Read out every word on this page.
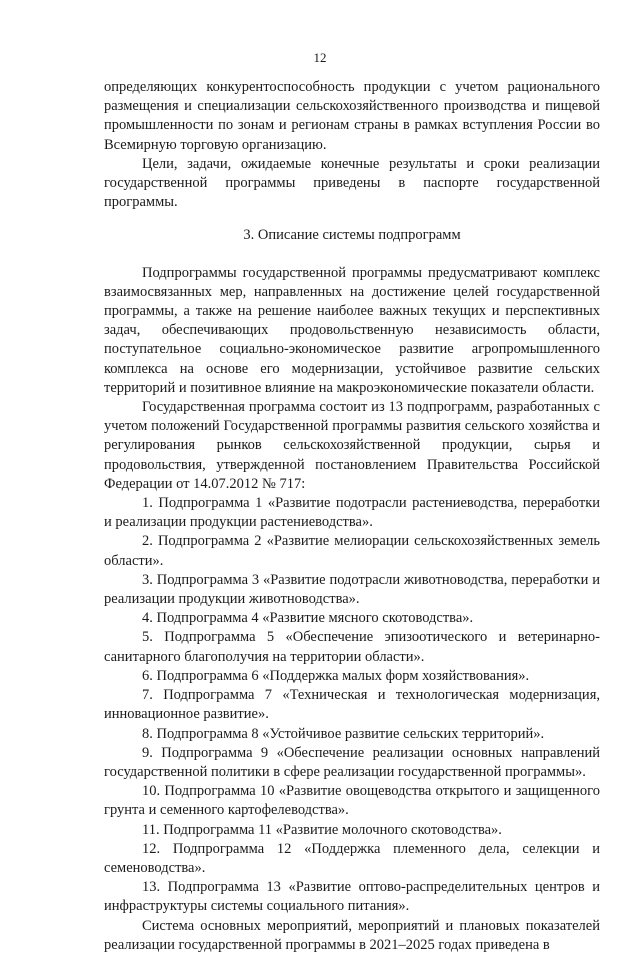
12

определяющих конкурентоспособность продукции с учетом рационального размещения и специализации сельскохозяйственного производства и пищевой промышленности по зонам и регионам страны в рамках вступления России во Всемирную торговую организацию.

Цели, задачи, ожидаемые конечные результаты и сроки реализации государственной программы приведены в паспорте государственной программы.

3. Описание системы подпрограмм

Подпрограммы государственной программы предусматривают комплекс взаимосвязанных мер, направленных на достижение целей государственной программы, а также на решение наиболее важных текущих и перспективных задач, обеспечивающих продовольственную независимость области, поступательное социально-экономическое развитие агропромышленного комплекса на основе его модернизации, устойчивое развитие сельских территорий и позитивное влияние на макроэкономические показатели области.

Государственная программа состоит из 13 подпрограмм, разработанных с учетом положений Государственной программы развития сельского хозяйства и регулирования рынков сельскохозяйственной продукции, сырья и продовольствия, утвержденной постановлением Правительства Российской Федерации от 14.07.2012 № 717:

1. Подпрограмма 1 «Развитие подотрасли растениеводства, переработки и реализации продукции растениеводства».

2. Подпрограмма 2 «Развитие мелиорации сельскохозяйственных земель области».

3. Подпрограмма 3 «Развитие подотрасли животноводства, переработки и реализации продукции животноводства».

4. Подпрограмма 4 «Развитие мясного скотоводства».

5. Подпрограмма 5 «Обеспечение эпизоотического и ветеринарно-санитарного благополучия на территории области».

6. Подпрограмма 6 «Поддержка малых форм хозяйствования».

7. Подпрограмма 7 «Техническая и технологическая модернизация, инновационное развитие».

8. Подпрограмма 8 «Устойчивое развитие сельских территорий».

9. Подпрограмма 9 «Обеспечение реализации основных направлений государственной политики в сфере реализации государственной программы».

10. Подпрограмма 10 «Развитие овощеводства открытого и защищенного грунта и семенного картофелеводства».

11. Подпрограмма 11 «Развитие молочного скотоводства».

12. Подпрограмма 12 «Поддержка племенного дела, селекции и семеноводства».

13. Подпрограмма 13 «Развитие оптово-распределительных центров и инфраструктуры системы социального питания».

Система основных мероприятий, мероприятий и плановых показателей реализации государственной программы в 2021–2025 годах приведена в
